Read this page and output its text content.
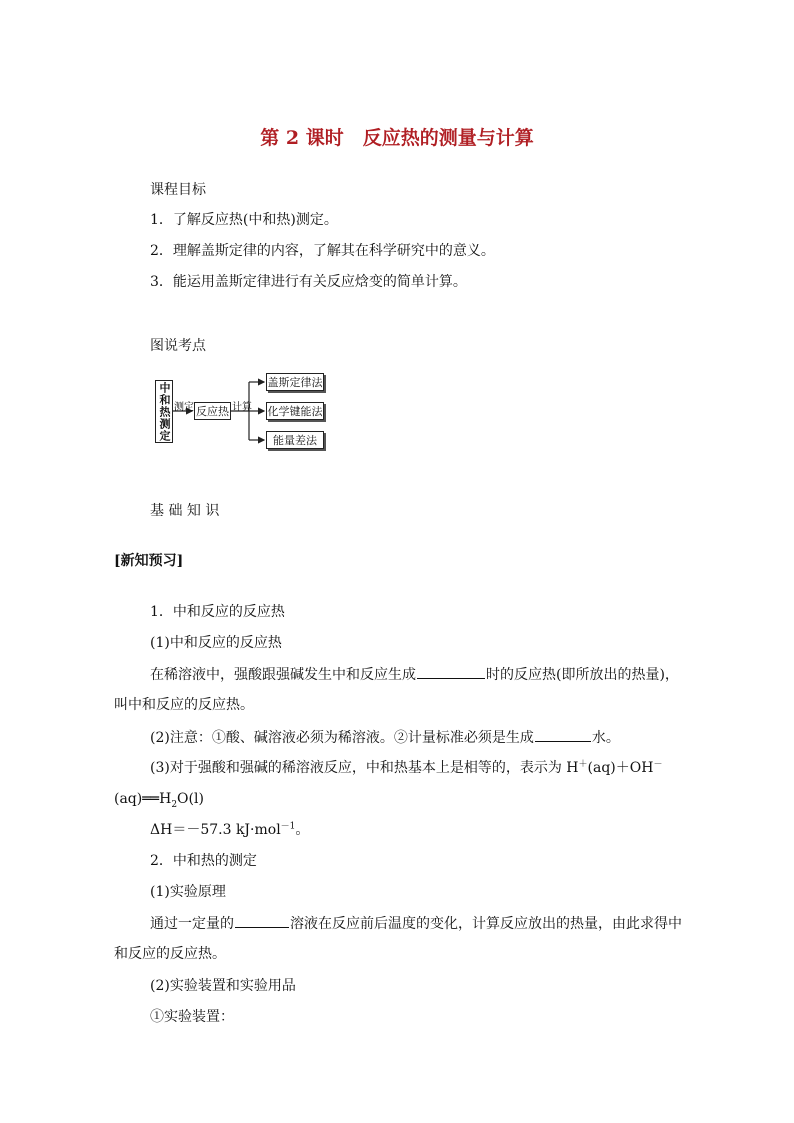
第 2 课时　反应热的测量与计算
课程目标
1．了解反应热(中和热)测定。
2．理解盖斯定律的内容，了解其在科学研究中的意义。
3．能运用盖斯定律进行有关反应焓变的简单计算。
图说考点
中和热测定 测定 反应热 计算
盖斯定律法
化学键能法
能量差法
基 础 知 识
[新知预习]
1．中和反应的反应热
(1)中和反应的反应热
在稀溶液中，强酸跟强碱发生中和反应生成	时的反应热(即所放出的热量)，
叫中和反应的反应热。
(2)注意：①酸、碱溶液必须为稀溶液。②计量标准必须是生成	水。
(3)对于强酸和强碱的稀溶液反应，中和热基本上是相等的，表示为 H＋(aq)＋OH－
$(aq)══H_2O(l)$
ΔH＝－57.3 kJ·mol$^{-1}$。
2．中和热的测定
(1)实验原理
通过一定量的	溶液在反应前后温度的变化，计算反应放出的热量，由此求得中
和反应的反应热。
(2)实验装置和实验用品
①实验装置：
